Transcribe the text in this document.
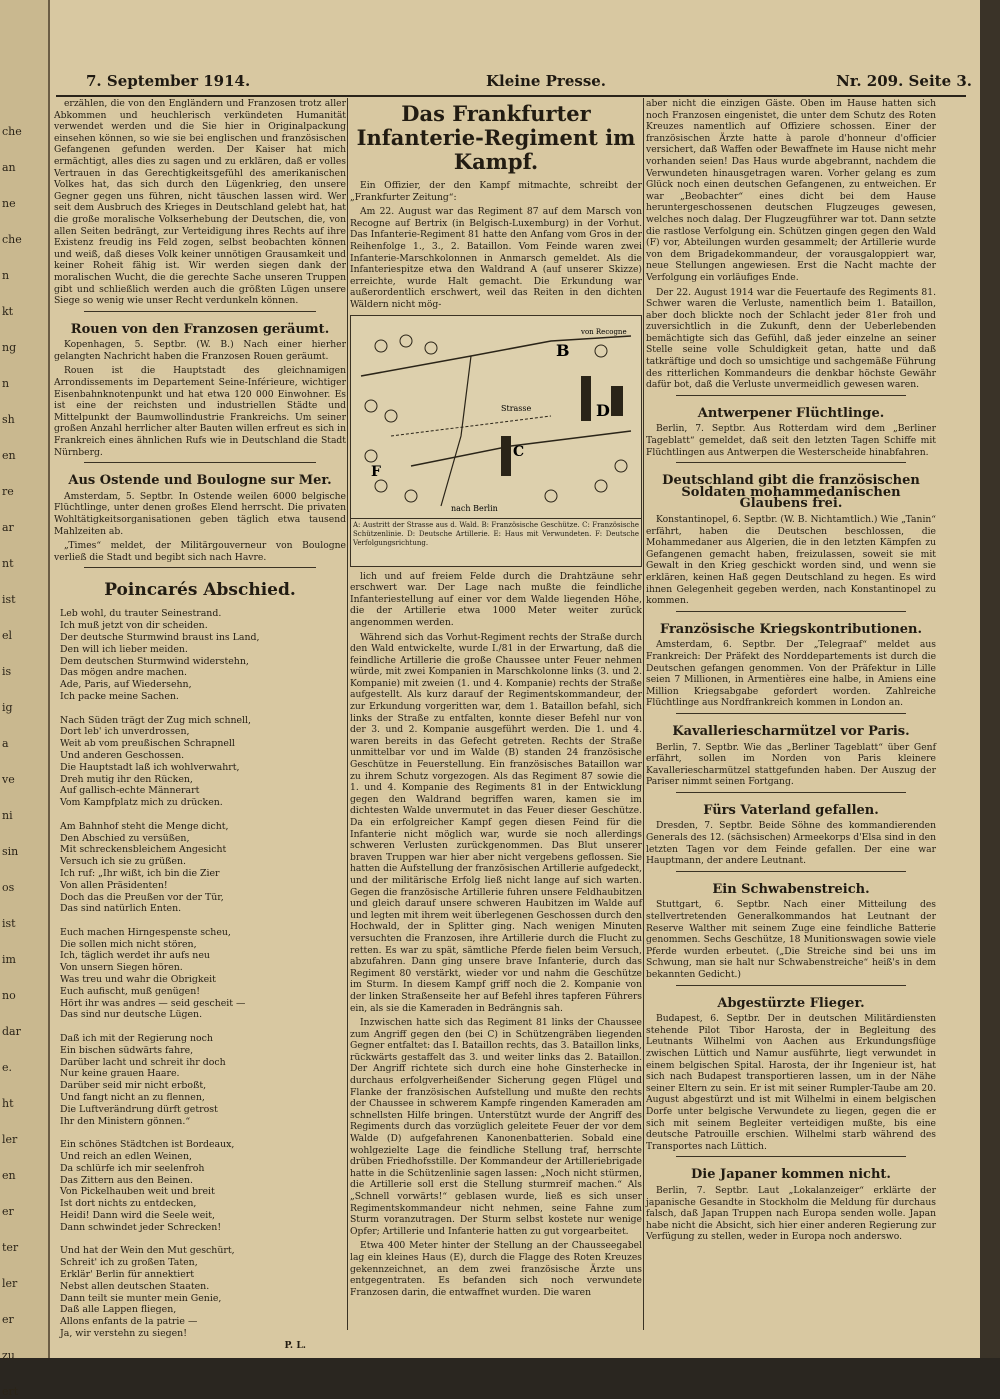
che
an
ne
che
n
kt
ng
n
sh
en
re
ar
nt
ist
el
is
ig
a
ve
ni
sin
os
ist
im
no
dar
e.
ht
ler
en
er
ter
ler
er
zu
ert
7. September 1914.	Kleine Presse.	Nr. 209. Seite 3.

erzählen, die von den Engländern und Franzosen trotz aller Abkommen und heuchlerisch verkündeten Humanität verwendet werden und die Sie hier in Originalpackung einsehen können, so wie sie bei englischen und französischen Gefangenen gefunden werden. Der Kaiser hat mich ermächtigt, alles dies zu sagen und zu erklären, daß er volles Vertrauen in das Gerechtigkeitsgefühl des amerikanischen Volkes hat, das sich durch den Lügenkrieg, den unsere Gegner gegen uns führen, nicht täuschen lassen wird. Wer seit dem Ausbruch des Krieges in Deutschland gelebt hat, hat die große moralische Volkserhebung der Deutschen, die, von allen Seiten bedrängt, zur Verteidigung ihres Rechts auf ihre Existenz freudig ins Feld zogen, selbst beobachten können und weiß, daß dieses Volk keiner unnötigen Grausamkeit und keiner Roheit fähig ist. Wir werden siegen dank der moralischen Wucht, die die gerechte Sache unseren Truppen gibt und schließlich werden auch die größten Lügen unsere Siege so wenig wie unser Recht verdunkeln können.

Rouen von den Franzosen geräumt.

Kopenhagen, 5. Septbr. (W. B.) Nach einer hierher gelangten Nachricht haben die Franzosen Rouen geräumt.

Rouen ist die Hauptstadt des gleichnamigen Arrondissements im Departement Seine-Inférieure, wichtiger Eisenbahnknotenpunkt und hat etwa 120 000 Einwohner. Es ist eine der reichsten und industriellen Städte und Mittelpunkt der Baumwollindustrie Frankreichs. Um seiner großen Anzahl herrlicher alter Bauten willen erfreut es sich in Frankreich eines ähnlichen Rufs wie in Deutschland die Stadt Nürnberg.

Aus Ostende und Boulogne sur Mer.

Amsterdam, 5. Septbr. In Ostende weilen 6000 belgische Flüchtlinge, unter denen großes Elend herrscht. Die privaten Wohltätigkeitsorganisationen geben täglich etwa tausend Mahlzeiten ab.

„Times“ meldet, der Militärgouverneur von Boulogne verließ die Stadt und begibt sich nach Havre.

Poincarés Abschied.
Leb wohl, du trauter Seinestrand.
Ich muß jetzt von dir scheiden.
Der deutsche Sturmwind braust ins Land,
Den will ich lieber meiden.
Dem deutschen Sturmwind widerstehn,
Das mögen andre machen.
Ade, Paris, auf Wiedersehn,
Ich packe meine Sachen.

Nach Süden trägt der Zug mich schnell,
Dort leb' ich unverdrossen,
Weit ab vom preußischen Schrapnell
Und anderen Geschossen.
Die Hauptstadt laß ich wohlverwahrt,
Dreh mutig ihr den Rücken,
Auf gallisch-echte Männerart
Vom Kampfplatz mich zu drücken.

Am Bahnhof steht die Menge dicht,
Den Abschied zu versüßen,
Mit schreckensbleichem Angesicht
Versuch ich sie zu grüßen.
Ich ruf: „Ihr wißt, ich bin die Zier
Von allen Präsidenten!
Doch das die Preußen vor der Tür,
Das sind natürlich Enten.

Euch machen Hirngespenste scheu,
Die sollen mich nicht stören,
Ich, täglich werdet ihr aufs neu
Von unsern Siegen hören.
Was treu und wahr die Obrigkeit
Euch aufischt, muß genügen!
Hört ihr was andres — seid gescheit —
Das sind nur deutsche Lügen.

Daß ich mit der Regierung noch
Ein bischen südwärts fahre,
Darüber lacht und schreit ihr doch
Nur keine grauen Haare.
Darüber seid mir nicht erboßt,
Und fangt nicht an zu flennen,
Die Luftverändrung dürft getrost
Ihr den Ministern gönnen.“

Ein schönes Städtchen ist Bordeaux,
Und reich an edlen Weinen,
Da schlürfe ich mir seelenfroh
Das Zittern aus den Beinen.
Von Pickelhauben weit und breit
Ist dort nichts zu entdecken,
Heidi! Dann wird die Seele weit,
Dann schwindet jeder Schrecken!

Und hat der Wein den Mut geschürt,
Schreit' ich zu großen Taten,
Erklär' Berlin für annektiert
Nebst allen deutschen Staaten.
Dann teilt sie munter mein Genie,
Daß alle Lappen fliegen,
Allons enfants de la patrie —
Ja, wir verstehn zu siegen!
P. L.
Das Frankfurter Infanterie-Regiment im Kampf.

Ein Offizier, der den Kampf mitmachte, schreibt der „Frankfurter Zeitung“:

Am 22. August war das Regiment 87 auf dem Marsch von Recogne auf Bertrix (in Belgisch-Luxemburg) in der Vorhut. Das Infanterie-Regiment 81 hatte den Anfang vom Gros in der Reihenfolge 1., 3., 2. Bataillon. Vom Feinde waren zwei Infanterie-Marschkolonnen in Anmarsch gemeldet. Als die Infanteriespitze etwa den Waldrand A (auf unserer Skizze) erreichte, wurde Halt gemacht. Die Erkundung war außerordentlich erschwert, weil das Reiten in den dichten Wäldern nicht mög-

B
C
D
F
Strasse
nach Berlin
von Recogne
A: Austritt der Strasse aus d. Wald. B: Französische Geschütze. C: Französische Schützenlinie. D: Deutsche Artillerie. E: Haus mit Verwundeten. F: Deutsche Verfolgungsrichtung.

lich und auf freiem Felde durch die Drahtzäune sehr erschwert war. Der Lage nach mußte die feindliche Infanteriestellung auf einer vor dem Walde liegenden Höhe, die der Artillerie etwa 1000 Meter weiter zurück angenommen werden.

Während sich das Vorhut-Regiment rechts der Straße durch den Wald entwickelte, wurde I./81 in der Erwartung, daß die feindliche Artillerie die große Chaussee unter Feuer nehmen würde, mit zwei Kompanien in Marschkolonne links (3. und 2. Kompanie) mit zweien (1. und 4. Kompanie) rechts der Straße aufgestellt. Als kurz darauf der Regimentskommandeur, der zur Erkundung vorgeritten war, dem 1. Bataillon befahl, sich links der Straße zu entfalten, konnte dieser Befehl nur von der 3. und 2. Kompanie ausgeführt werden. Die 1. und 4. waren bereits in das Gefecht getreten. Rechts der Straße unmittelbar vor und im Walde (B) standen 24 französische Geschütze in Feuerstellung. Ein französisches Bataillon war zu ihrem Schutz vorgezogen. Als das Regiment 87 sowie die 1. und 4. Kompanie des Regiments 81 in der Entwicklung gegen den Waldrand begriffen waren, kamen sie im dichtesten Walde unvermutet in das Feuer dieser Geschütze. Da ein erfolgreicher Kampf gegen diesen Feind für die Infanterie nicht möglich war, wurde sie noch allerdings schweren Verlusten zurückgenommen. Das Blut unserer braven Truppen war hier aber nicht vergebens geflossen. Sie hatten die Aufstellung der französischen Artillerie aufgedeckt, und der militärische Erfolg ließ nicht lange auf sich warten. Gegen die französische Artillerie fuhren unsere Feldhaubitzen und gleich darauf unsere schweren Haubitzen im Walde auf und legten mit ihrem weit überlegenen Geschossen durch den Hochwald, der in Splitter ging. Nach wenigen Minuten versuchten die Franzosen, ihre Artillerie durch die Flucht zu retten. Es war zu spät, sämtliche Pferde fielen beim Versuch, abzufahren. Dann ging unsere brave Infanterie, durch das Regiment 80 verstärkt, wieder vor und nahm die Geschütze im Sturm. In diesem Kampf griff noch die 2. Kompanie von der linken Straßenseite her auf Befehl ihres tapferen Führers ein, als sie die Kameraden in Bedrängnis sah.

Inzwischen hatte sich das Regiment 81 links der Chaussee zum Angriff gegen den (bei C) in Schützengräben liegenden Gegner entfaltet: das I. Bataillon rechts, das 3. Bataillon links, rückwärts gestaffelt das 3. und weiter links das 2. Bataillon. Der Angriff richtete sich durch eine hohe Ginsterhecke in durchaus erfolgverheißender Sicherung gegen Flügel und Flanke der französischen Aufstellung und mußte den rechts der Chaussee in schwerem Kampfe ringenden Kameraden am schnellsten Hilfe bringen. Unterstützt wurde der Angriff des Regiments durch das vorzüglich geleitete Feuer der vor dem Walde (D) aufgefahrenen Kanonenbatterien. Sobald eine wohlgezielte Lage die feindliche Stellung traf, herrschte drüben Friedhofsstille. Der Kommandeur der Artilleriebrigade hatte in die Schützenlinie sagen lassen: „Noch nicht stürmen, die Artillerie soll erst die Stellung sturmreif machen.“ Als „Schnell vorwärts!“ geblasen wurde, ließ es sich unser Regimentskommandeur nicht nehmen, seine Fahne zum Sturm voranzutragen. Der Sturm selbst kostete nur wenige Opfer; Artillerie und Infanterie hatten zu gut vorgearbeitet.

Etwa 400 Meter hinter der Stellung an der Chausseegabel lag ein kleines Haus (E), durch die Flagge des Roten Kreuzes gekennzeichnet, an dem zwei französische Ärzte uns entgegentraten. Es befanden sich noch verwundete Franzosen darin, die entwaffnet wurden. Die waren

aber nicht die einzigen Gäste. Oben im Hause hatten sich noch Franzosen eingenistet, die unter dem Schutz des Roten Kreuzes namentlich auf Offiziere schossen. Einer der französischen Ärzte hatte à parole d'honneur d'officier versichert, daß Waffen oder Bewaffnete im Hause nicht mehr vorhanden seien! Das Haus wurde abgebrannt, nachdem die Verwundeten hinausgetragen waren. Vorher gelang es zum Glück noch einen deutschen Gefangenen, zu entweichen. Er war „Beobachter“ eines dicht bei dem Hause heruntergeschossenen deutschen Flugzeuges gewesen, welches noch dalag. Der Flugzeugführer war tot. Dann setzte die rastlose Verfolgung ein. Schützen gingen gegen den Wald (F) vor, Abteilungen wurden gesammelt; der Artillerie wurde von dem Brigadekommandeur, der vorausgaloppiert war, neue Stellungen angewiesen. Erst die Nacht machte der Verfolgung ein vorläufiges Ende.

Der 22. August 1914 war die Feuertaufe des Regiments 81. Schwer waren die Verluste, namentlich beim 1. Bataillon, aber doch blickte noch der Schlacht jeder 81er froh und zuversichtlich in die Zukunft, denn der Ueberlebenden bemächtigte sich das Gefühl, daß jeder einzelne an seiner Stelle seine volle Schuldigkeit getan, hatte und daß tatkräftige und doch so umsichtige und sachgemäße Führung des ritterlichen Kommandeurs die denkbar höchste Gewähr dafür bot, daß die Verluste unvermeidlich gewesen waren.

Antwerpener Flüchtlinge.

Berlin, 7. Septbr. Aus Rotterdam wird dem „Berliner Tageblatt“ gemeldet, daß seit den letzten Tagen Schiffe mit Flüchtlingen aus Antwerpen die Westerscheide hinabfahren.

Deutschland gibt die französischen Soldaten mohammedanischen Glaubens frei.

Konstantinopel, 6. Septbr. (W. B. Nichtamtlich.) Wie „Tanin“ erfährt, haben die Deutschen beschlossen, die Mohammedaner aus Algerien, die in den letzten Kämpfen zu Gefangenen gemacht haben, freizulassen, soweit sie mit Gewalt in den Krieg geschickt worden sind, und wenn sie erklären, keinen Haß gegen Deutschland zu hegen. Es wird ihnen Gelegenheit gegeben werden, nach Konstantinopel zu kommen.

Französische Kriegskontributionen.

Amsterdam, 6. Septbr. Der „Telegraaf“ meldet aus Frankreich: Der Präfekt des Norddepartements ist durch die Deutschen gefangen genommen. Von der Präfektur in Lille seien 7 Millionen, in Armentières eine halbe, in Amiens eine Million Kriegsabgabe gefordert worden. Zahlreiche Flüchtlinge aus Nordfrankreich kommen in London an.

Kavalleriescharmützel vor Paris.

Berlin, 7. Septbr. Wie das „Berliner Tageblatt“ über Genf erfährt, sollen im Norden von Paris kleinere Kavalleriescharmützel stattgefunden haben. Der Auszug der Pariser nimmt seinen Fortgang.

Fürs Vaterland gefallen.

Dresden, 7. Septbr. Beide Söhne des kommandierenden Generals des 12. (sächsischen) Armeekorps d'Elsa sind in den letzten Tagen vor dem Feinde gefallen. Der eine war Hauptmann, der andere Leutnant.

Ein Schwabenstreich.

Stuttgart, 6. Septbr. Nach einer Mitteilung des stellvertretenden Generalkommandos hat Leutnant der Reserve Walther mit seinem Zuge eine feindliche Batterie genommen. Sechs Geschütze, 18 Munitionswagen sowie viele Pferde wurden erbeutet. („Die Streiche sind bei uns im Schwung, man sie halt nur Schwabenstreiche“ heiß's in dem bekannten Gedicht.)

Abgestürzte Flieger.

Budapest, 6. Septbr. Der in deutschen Militärdiensten stehende Pilot Tibor Harosta, der in Begleitung des Leutnants Wilhelmi von Aachen aus Erkundungsflüge zwischen Lüttich und Namur ausführte, liegt verwundet in einem belgischen Spital. Harosta, der ihr Ingenieur ist, hat sich nach Budapest transportieren lassen, um in der Nähe seiner Eltern zu sein. Er ist mit seiner Rumpler-Taube am 20. August abgestürzt und ist mit Wilhelmi in einem belgischen Dorfe unter belgische Verwundete zu liegen, gegen die er sich mit seinem Begleiter verteidigen mußte, bis eine deutsche Patrouille erschien. Wilhelmi starb während des Transportes nach Lüttich.

Die Japaner kommen nicht.

Berlin, 7. Septbr. Laut „Lokalanzeiger“ erklärte der japanische Gesandte in Stockholm die Meldung für durchaus falsch, daß Japan Truppen nach Europa senden wolle. Japan habe nicht die Absicht, sich hier einer anderen Regierung zur Verfügung zu stellen, weder in Europa noch anderswo.
